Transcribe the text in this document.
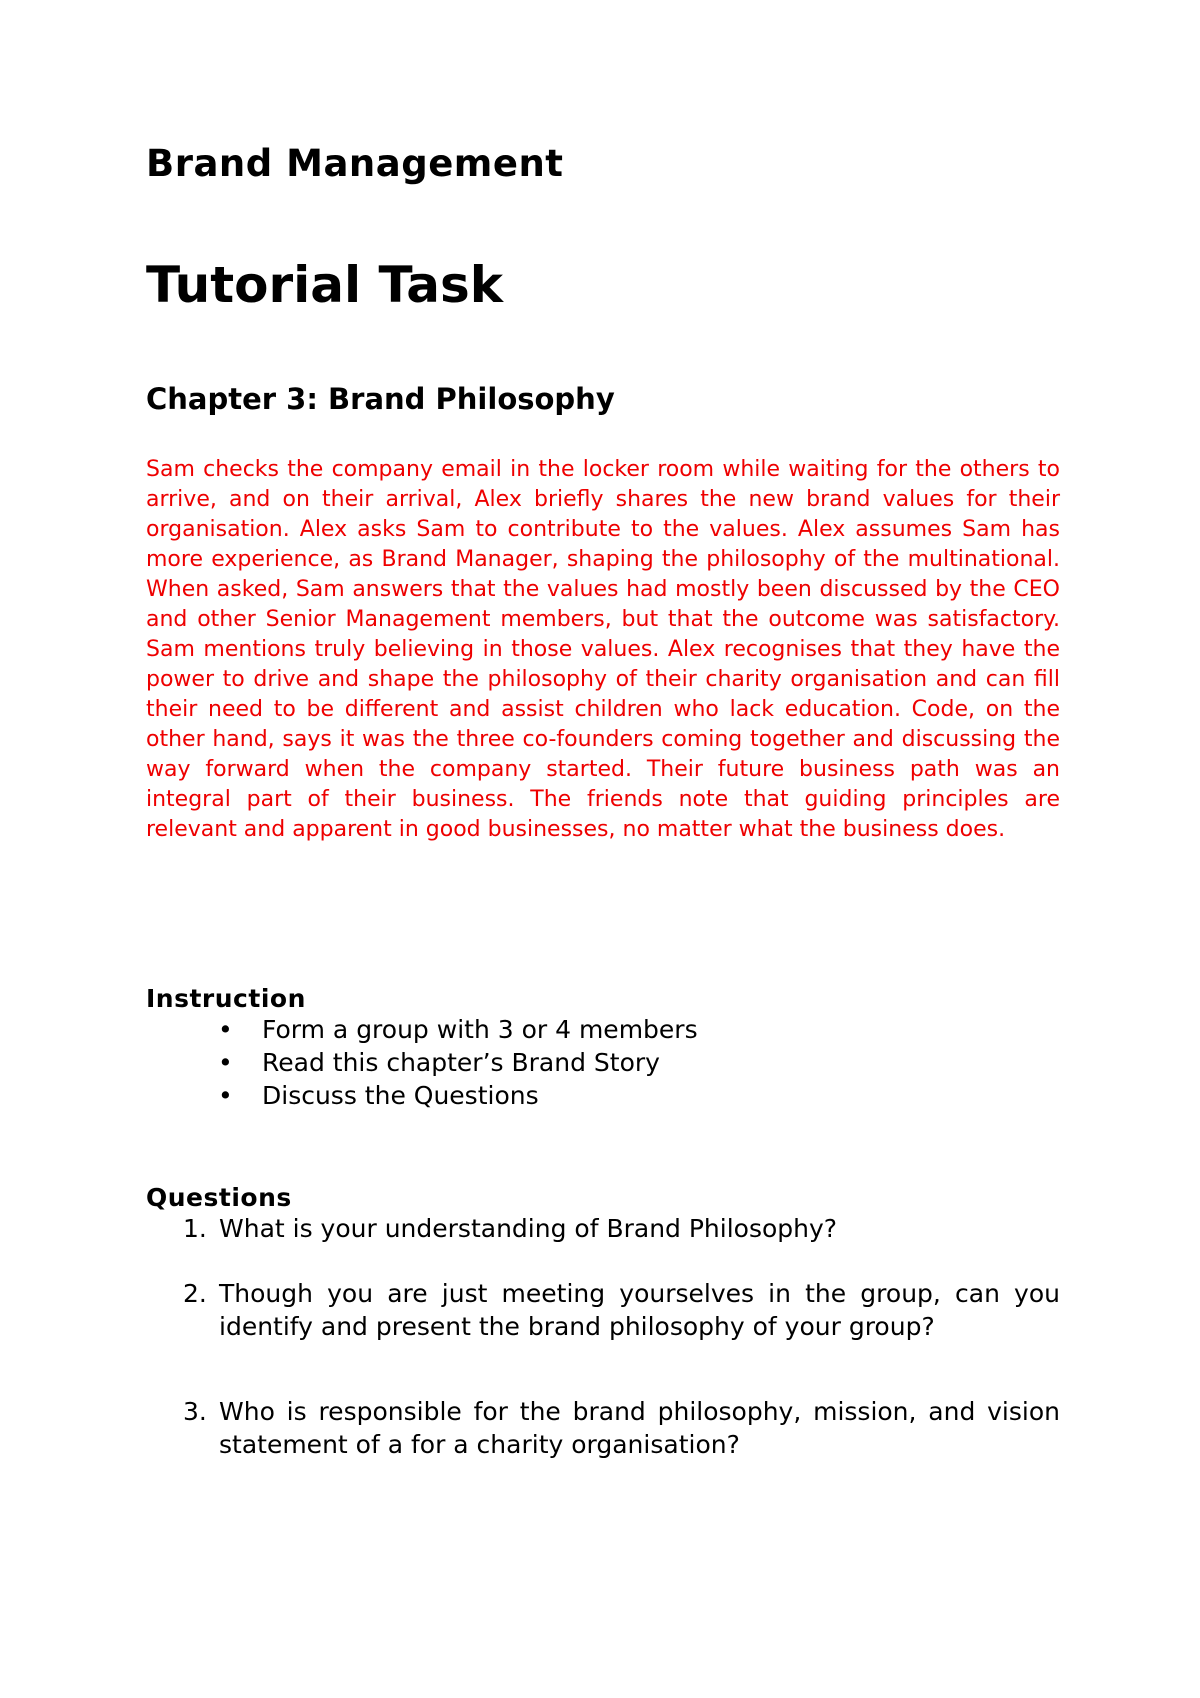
Brand Management
Tutorial Task
Chapter 3: Brand Philosophy

Sam checks the company email in the locker room while waiting for the others to arrive, and on their arrival, Alex briefly shares the new brand values for their organisation. Alex asks Sam to contribute to the values. Alex assumes Sam has more experience, as Brand Manager, shaping the philosophy of the multinational. When asked, Sam answers that the values had mostly been discussed by the CEO and other Senior Management members, but that the outcome was satisfactory. Sam mentions truly believing in those values. Alex recognises that they have the power to drive and shape the philosophy of their charity organisation and can fill their need to be different and assist children who lack education. Code, on the other hand, says it was the three co-founders coming together and discussing the way forward when the company started. Their future business path was an integral part of their business. The friends note that guiding principles are relevant and apparent in good businesses, no matter what the business does.

Instruction
• Form a group with 3 or 4 members
• Read this chapter’s Brand Story
• Discuss the Questions
Questions
1. What is your understanding of Brand Philosophy?
2. Though you are just meeting yourselves in the group, can you identify and present the brand philosophy of your group?
3. Who is responsible for the brand philosophy, mission, and vision statement of a for a charity organisation?
